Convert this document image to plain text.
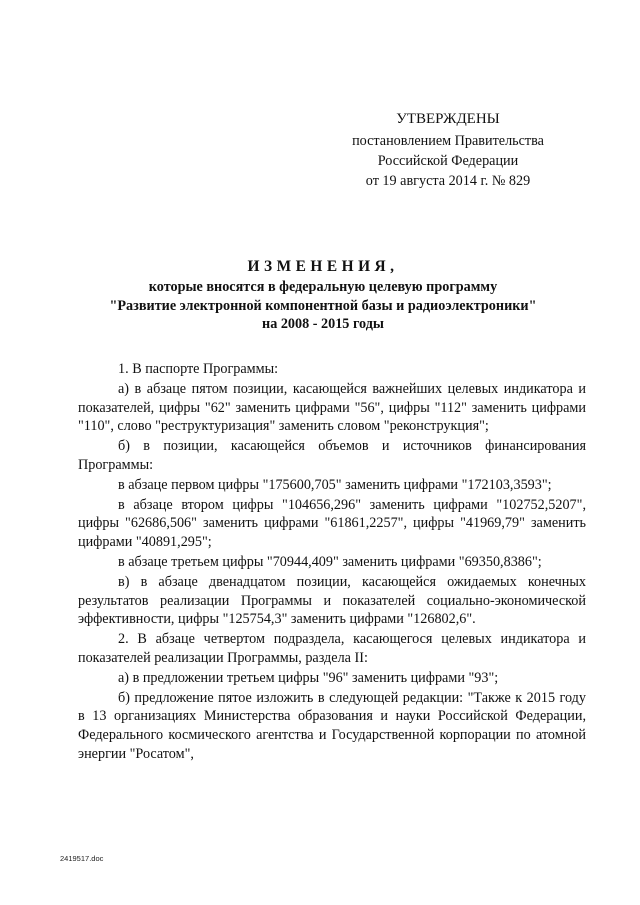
УТВЕРЖДЕНЫ
постановлением Правительства
Российской Федерации
от 19 августа 2014 г. № 829
ИЗМЕНЕНИЯ,
которые вносятся в федеральную целевую программу
"Развитие электронной компонентной базы и радиоэлектроники"
на 2008 - 2015 годы

1. В паспорте Программы:

а) в абзаце пятом позиции, касающейся важнейших целевых индикатора и показателей, цифры "62" заменить цифрами "56", цифры "112" заменить цифрами "110", слово "реструктуризация" заменить словом "реконструкция";

б) в позиции, касающейся объемов и источников финансирования Программы:

в абзаце первом цифры "175600,705" заменить цифрами "172103,3593";

в абзаце втором цифры "104656,296" заменить цифрами "102752,5207", цифры "62686,506" заменить цифрами "61861,2257", цифры "41969,79" заменить цифрами "40891,295";

в абзаце третьем цифры "70944,409" заменить цифрами "69350,8386";

в) в абзаце двенадцатом позиции, касающейся ожидаемых конечных результатов реализации Программы и показателей социально-экономической эффективности, цифры "125754,3" заменить цифрами "126802,6".

2. В абзаце четвертом подраздела, касающегося целевых индикатора и показателей реализации Программы, раздела II:

а) в предложении третьем цифры "96" заменить цифрами "93";

б) предложение пятое изложить в следующей редакции: "Также к 2015 году в 13 организациях Министерства образования и науки Российской Федерации, Федерального космического агентства и Государственной корпорации по атомной энергии "Росатом",

2419517.doc
